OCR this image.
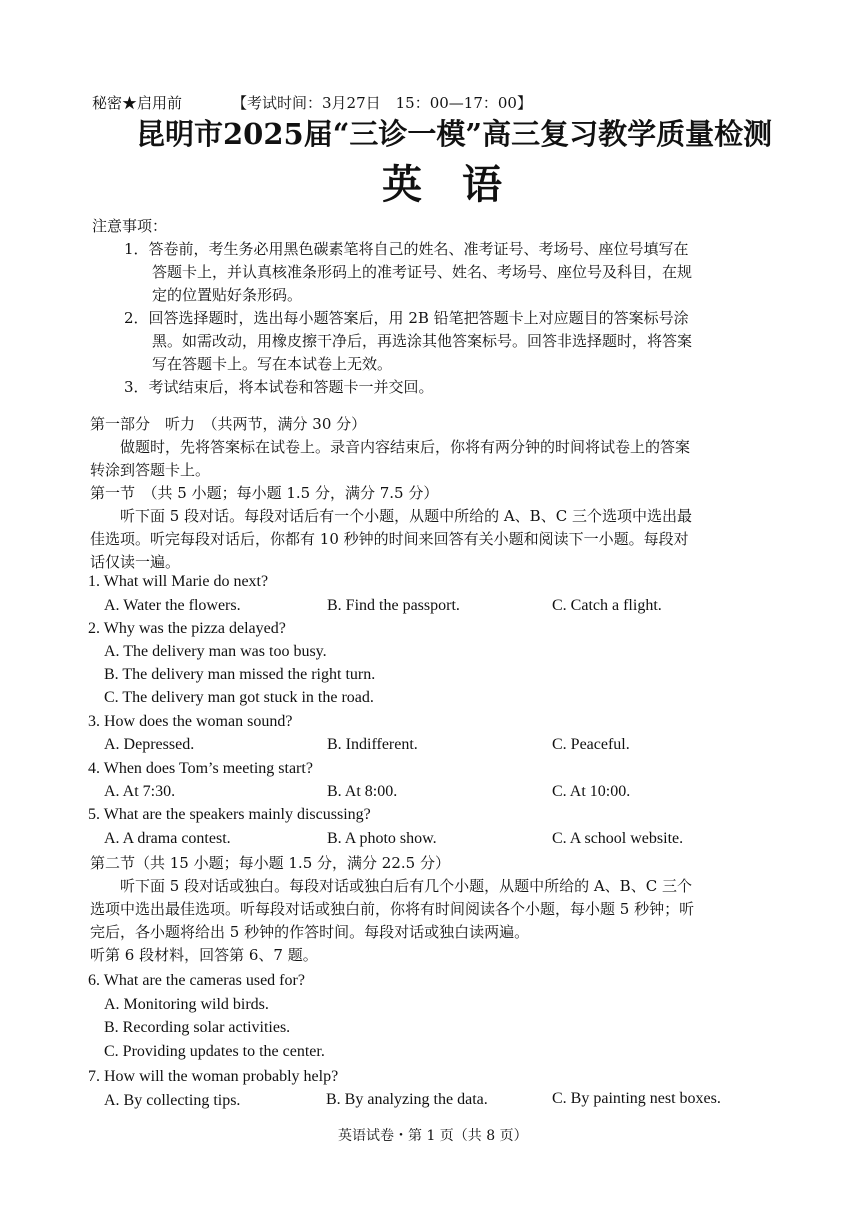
秘密★启用前	【考试时间：3月27日　15：00—17：00】
昆明市2025届“三诊一模”高三复习教学质量检测
英　语
注意事项：
1．答卷前，考生务必用黑色碳素笔将自己的姓名、准考证号、考场号、座位号填写在
答题卡上，并认真核准条形码上的准考证号、姓名、考场号、座位号及科目，在规
定的位置贴好条形码。
2．回答选择题时，选出每小题答案后，用 2B 铅笔把答题卡上对应题目的答案标号涂
黑。如需改动，用橡皮擦干净后，再选涂其他答案标号。回答非选择题时，将答案
写在答题卡上。写在本试卷上无效。
3．考试结束后，将本试卷和答题卡一并交回。
第一部分　听力　（共两节，满分 30 分）
做题时，先将答案标在试卷上。录音内容结束后，你将有两分钟的时间将试卷上的答案
转涂到答题卡上。
第一节　（共 5 小题；每小题 1.5 分，满分 7.5 分）
听下面 5 段对话。每段对话后有一个小题，从题中所给的 A、B、C 三个选项中选出最
佳选项。听完每段对话后，你都有 10 秒钟的时间来回答有关小题和阅读下一小题。每段对
话仅读一遍。
1. What will Marie do next?
A. Water the flowers.	B. Find the passport.	C. Catch a flight.
2. Why was the pizza delayed?
A. The delivery man was too busy.
B. The delivery man missed the right turn.
C. The delivery man got stuck in the road.
3. How does the woman sound?
A. Depressed.	B. Indifferent.	C. Peaceful.
4. When does Tom’s meeting start?
A. At 7:30.	B. At 8:00.	C. At 10:00.
5. What are the speakers mainly discussing?
A. A drama contest.	B. A photo show.	C. A school website.
第二节（共 15 小题；每小题 1.5 分，满分 22.5 分）
听下面 5 段对话或独白。每段对话或独白后有几个小题，从题中所给的 A、B、C 三个
选项中选出最佳选项。听每段对话或独白前，你将有时间阅读各个小题，每小题 5 秒钟；听
完后，各小题将给出 5 秒钟的作答时间。每段对话或独白读两遍。
听第 6 段材料，回答第 6、7 题。
6. What are the cameras used for?
A. Monitoring wild birds.
B. Recording solar activities.
C. Providing updates to the center.
7. How will the woman probably help?
A. By collecting tips.	B. By analyzing the data.	C. By painting nest boxes.
英语试卷・第 1 页（共 8 页）
